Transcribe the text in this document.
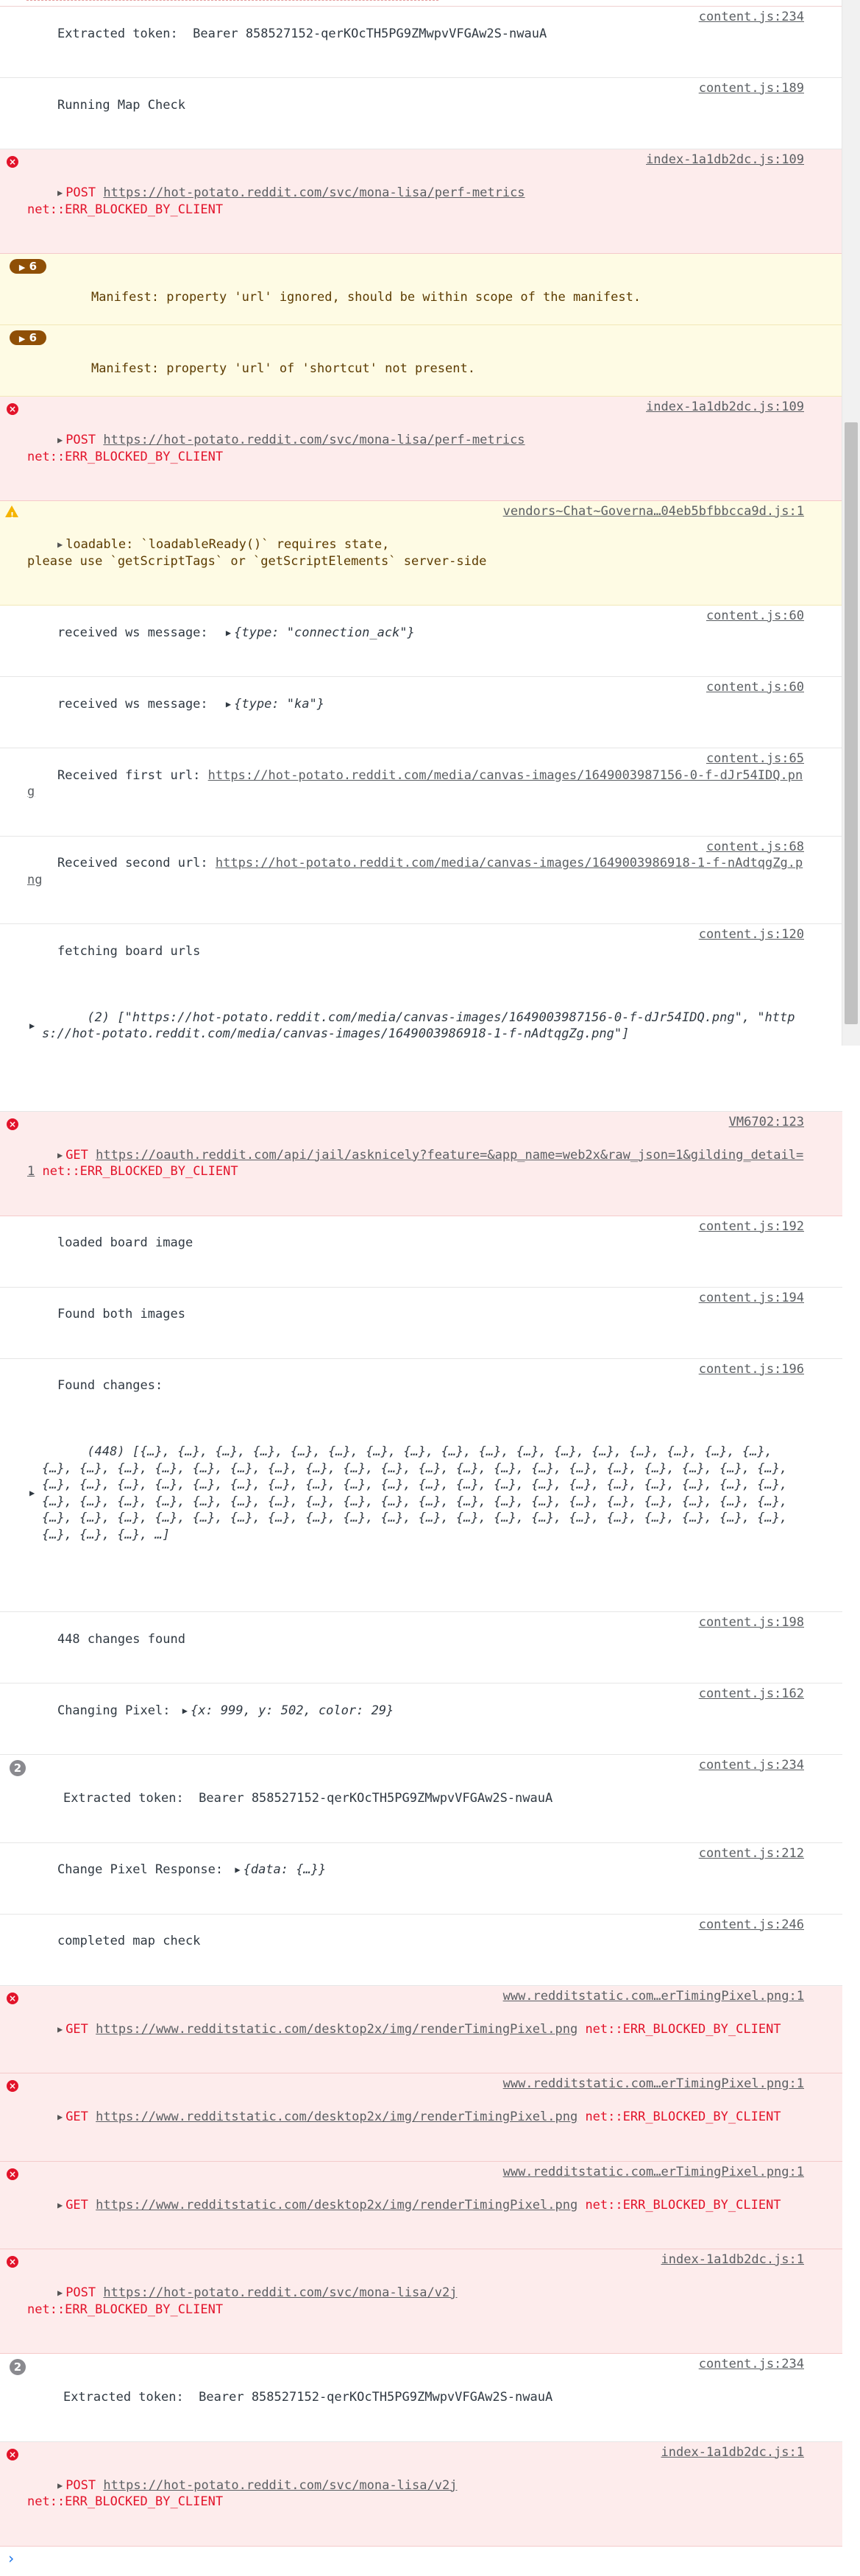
Extracted token:  Bearer 858527152-qerKOcTH5PG9ZMwpvVFGAw2S-nwauA

content.js:234

Running Map Check

content.js:189

×

▶ POST https://hot-potato.reddit.com/svc/mona-lisa/perf-metrics
net::ERR_BLOCKED_BY_CLIENT

index-1a1db2dc.js:109

▶ 6

Manifest: property 'url' ignored, should be within scope of the manifest.

▶ 6

Manifest: property 'url' of 'shortcut' not present.

×

▶ POST https://hot-potato.reddit.com/svc/mona-lisa/perf-metrics
net::ERR_BLOCKED_BY_CLIENT

index-1a1db2dc.js:109

!

▶ loadable: `loadableReady()` requires state,
please use `getScriptTags` or `getScriptElements` server-side

vendors~Chat~Governa…04eb5bfbbcca9d.js:1

received ws message: ▶ {type: "connection_ack"}

content.js:60

received ws message: ▶ {type: "ka"}

content.js:60

Received first url: https://hot-potato.reddit.com/media/canvas-images/1649003987156-0-f-dJr54IDQ.png

content.js:65

Received second url: https://hot-potato.reddit.com/media/canvas-images/1649003986918-1-f-nAdtqgZg.png

content.js:68

fetching board urls

▶

(2) ["https://hot-potato.reddit.com/media/canvas-images/1649003987156-0-f-dJr54IDQ.png", "https://hot-potato.reddit.com/media/canvas-images/1649003986918-1-f-nAdtqgZg.png"]

content.js:120

×

▶ GET https://oauth.reddit.com/api/jail/asknicely?feature=&app_name=web2x&raw_json=1&gilding_detail=1 net::ERR_BLOCKED_BY_CLIENT

VM6702:123

loaded board image

content.js:192

Found both images

content.js:194

Found changes:

▶

(448) [{…}, {…}, {…}, {…}, {…}, {…}, {…}, {…}, {…}, {…}, {…}, {…}, {…}, {…}, {…}, {…}, {…}, {…}, {…}, {…}, {…}, {…}, {…}, {…}, {…}, {…}, {…}, {…}, {…}, {…}, {…}, {…}, {…}, {…}, {…}, {…}, {…}, {…}, {…}, {…}, {…}, {…}, {…}, {…}, {…}, {…}, {…}, {…}, {…}, {…}, {…}, {…}, {…}, {…}, {…}, {…}, {…}, {…}, {…}, {…}, {…}, {…}, {…}, {…}, {…}, {…}, {…}, {…}, {…}, {…}, {…}, {…}, {…}, {…}, {…}, {…}, {…}, {…}, {…}, {…}, {…}, {…}, {…}, {…}, {…}, {…}, {…}, {…}, {…}, {…}, {…}, {…}, {…}, {…}, {…}, {…}, {…}, {…}, {…}, {…}, …]

content.js:196

448 changes found

content.js:198

Changing Pixel: ▶ {x: 999, y: 502, color: 29}

content.js:162

2

Extracted token:  Bearer 858527152-qerKOcTH5PG9ZMwpvVFGAw2S-nwauA

content.js:234

Change Pixel Response: ▶ {data: {…}}

content.js:212

completed map check

content.js:246

×

▶ GET https://www.redditstatic.com/desktop2x/img/renderTimingPixel.png net::ERR_BLOCKED_BY_CLIENT

www.redditstatic.com…erTimingPixel.png:1

×

▶ GET https://www.redditstatic.com/desktop2x/img/renderTimingPixel.png net::ERR_BLOCKED_BY_CLIENT

www.redditstatic.com…erTimingPixel.png:1

×

▶ GET https://www.redditstatic.com/desktop2x/img/renderTimingPixel.png net::ERR_BLOCKED_BY_CLIENT

www.redditstatic.com…erTimingPixel.png:1

×

▶ POST https://hot-potato.reddit.com/svc/mona-lisa/v2j
net::ERR_BLOCKED_BY_CLIENT

index-1a1db2dc.js:1

2

Extracted token:  Bearer 858527152-qerKOcTH5PG9ZMwpvVFGAw2S-nwauA

content.js:234

×

▶ POST https://hot-potato.reddit.com/svc/mona-lisa/v2j
net::ERR_BLOCKED_BY_CLIENT

index-1a1db2dc.js:1

›
